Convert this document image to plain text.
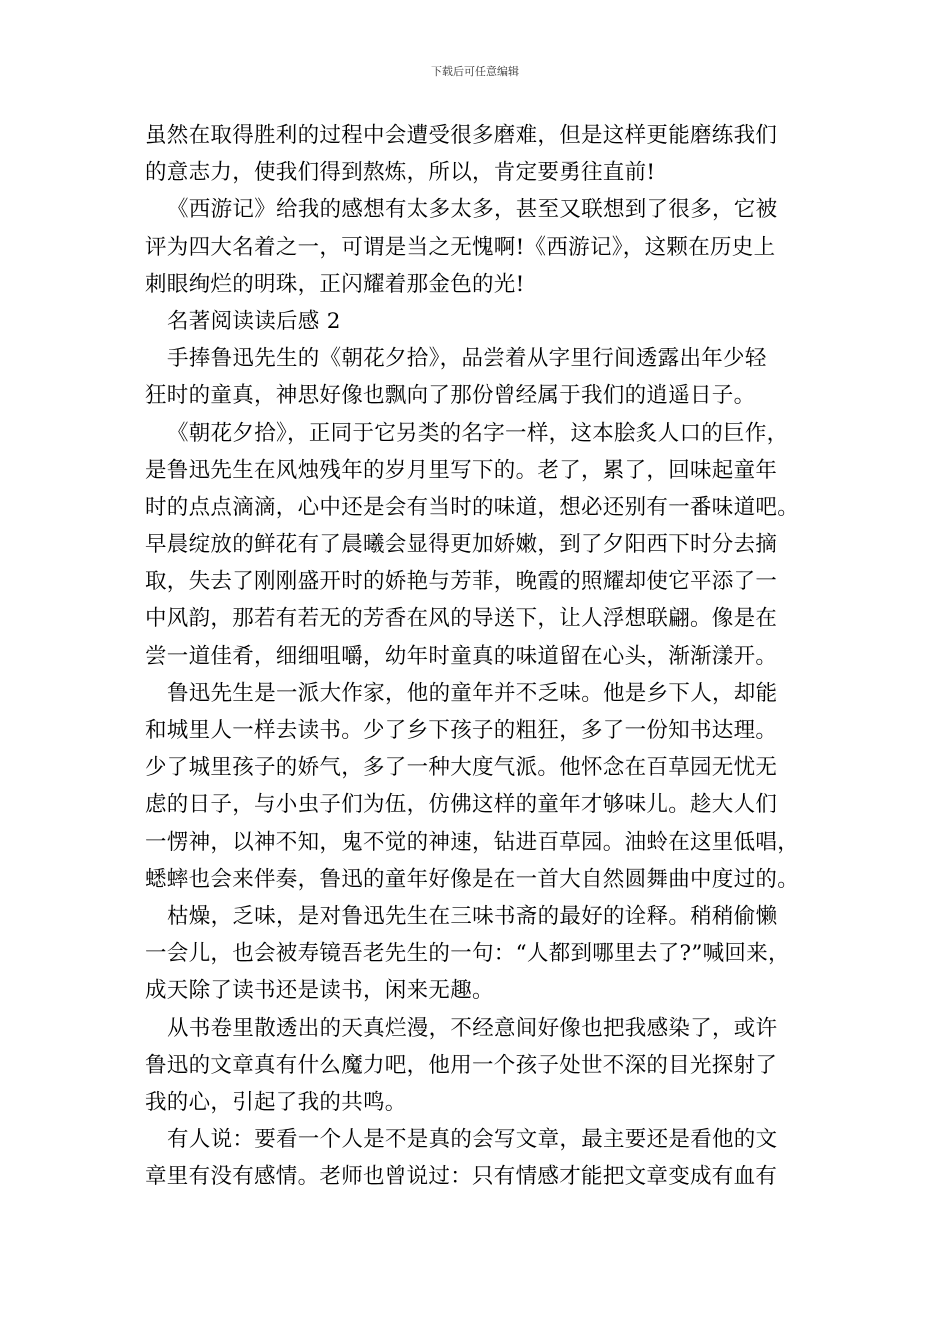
下载后可任意编辑
虽然在取得胜利的过程中会遭受很多磨难，但是这样更能磨练我们
的意志力，使我们得到熬炼，所以，肯定要勇往直前!
《西游记》给我的感想有太多太多，甚至又联想到了很多，它被
评为四大名着之一，可谓是当之无愧啊!《西游记》，这颗在历史上
刺眼绚烂的明珠，正闪耀着那金色的光!
名著阅读读后感 2
手捧鲁迅先生的《朝花夕拾》，品尝着从字里行间透露出年少轻
狂时的童真，神思好像也飘向了那份曾经属于我们的逍遥日子。
《朝花夕拾》，正同于它另类的名字一样，这本脍炙人口的巨作，
是鲁迅先生在风烛残年的岁月里写下的。老了，累了，回味起童年
时的点点滴滴，心中还是会有当时的味道，想必还别有一番味道吧。
早晨绽放的鲜花有了晨曦会显得更加娇嫩，到了夕阳西下时分去摘
取，失去了刚刚盛开时的娇艳与芳菲，晚霞的照耀却使它平添了一
中风韵，那若有若无的芳香在风的导送下，让人浮想联翩。像是在
尝一道佳肴，细细咀嚼，幼年时童真的味道留在心头，渐渐漾开。
鲁迅先生是一派大作家，他的童年并不乏味。他是乡下人，却能
和城里人一样去读书。少了乡下孩子的粗狂，多了一份知书达理。
少了城里孩子的娇气，多了一种大度气派。他怀念在百草园无忧无
虑的日子，与小虫子们为伍，仿佛这样的童年才够味儿。趁大人们
一愣神，以神不知，鬼不觉的神速，钻进百草园。油蛉在这里低唱，
蟋蟀也会来伴奏，鲁迅的童年好像是在一首大自然圆舞曲中度过的。
枯燥，乏味，是对鲁迅先生在三味书斋的最好的诠释。稍稍偷懒
一会儿，也会被寿镜吾老先生的一句：“人都到哪里去了?”喊回来，
成天除了读书还是读书，闲来无趣。
从书卷里散透出的天真烂漫，不经意间好像也把我感染了，或许
鲁迅的文章真有什么魔力吧，他用一个孩子处世不深的目光探射了
我的心，引起了我的共鸣。
有人说：要看一个人是不是真的会写文章，最主要还是看他的文
章里有没有感情。老师也曾说过：只有情感才能把文章变成有血有
